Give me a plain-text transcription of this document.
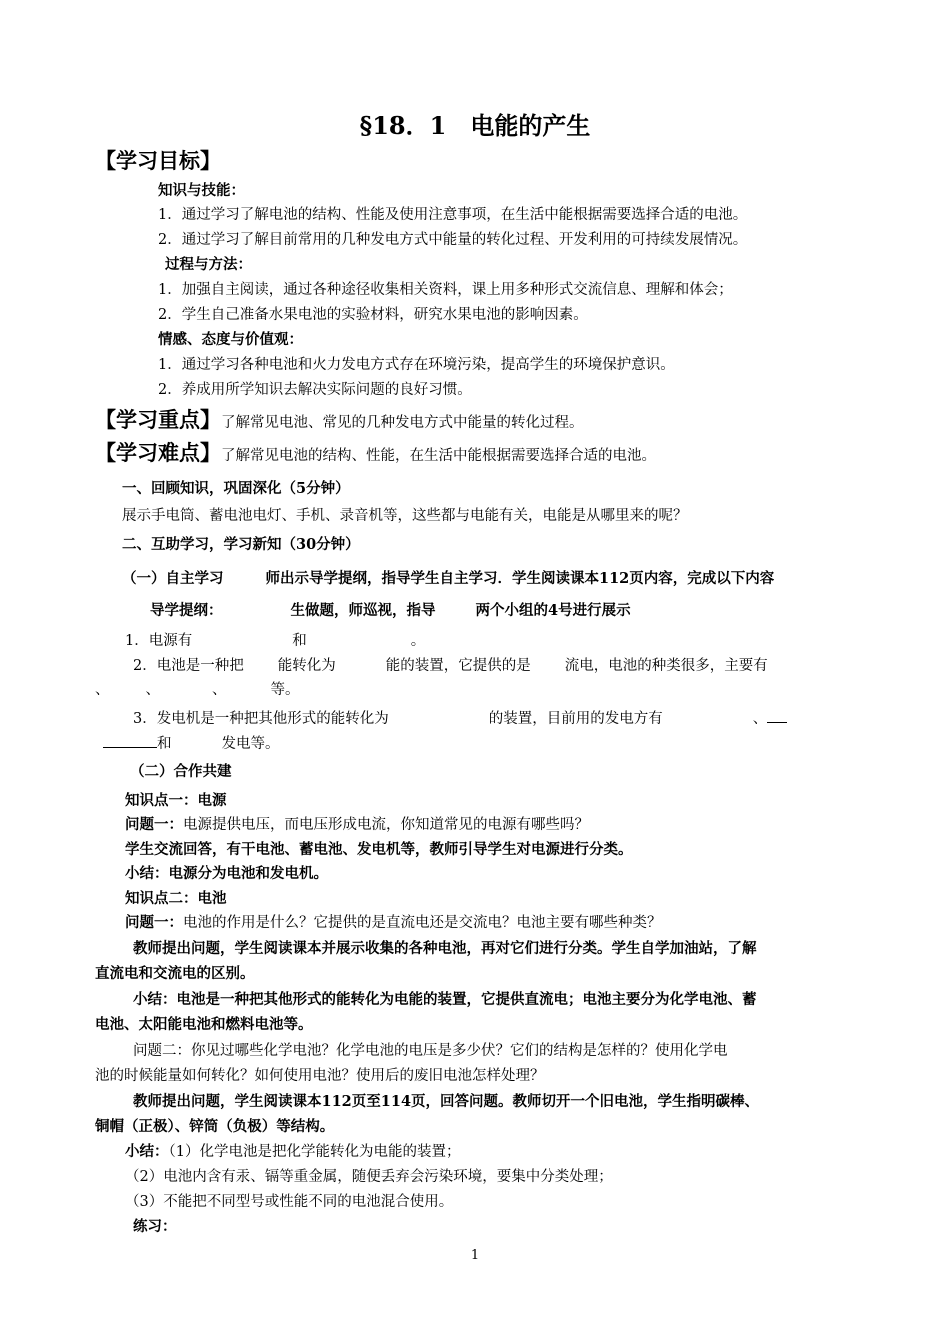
§18．1　电能的产生
【学习目标】
知识与技能：
1．通过学习了解电池的结构、性能及使用注意事项，在生活中能根据需要选择合适的电池。
2．通过学习了解目前常用的几种发电方式中能量的转化过程、开发利用的可持续发展情况。
过程与方法：
1．加强自主阅读，通过各种途径收集相关资料，课上用多种形式交流信息、理解和体会；
2．学生自己准备水果电池的实验材料，研究水果电池的影响因素。
情感、态度与价值观：
1．通过学习各种电池和火力发电方式存在环境污染，提高学生的环境保护意识。
2．养成用所学知识去解决实际问题的良好习惯。
【学习重点】了解常见电池、常见的几种发电方式中能量的转化过程。
【学习难点】了解常见电池的结构、性能，在生活中能根据需要选择合适的电池。
一、回顾知识，巩固深化（5分钟）
展示手电筒、蓄电池电灯、手机、录音机等，这些都与电能有关，电能是从哪里来的呢？
二、互助学习，学习新知（30分钟）
（一）自主学习	师出示导学提纲，指导学生自主学习．学生阅读课本112页内容，完成以下内容
导学提纲：	生做题，师巡视，指导	两个小组的4号进行展示
1．电源有	和	。
2．电池是一种把 能转化为	能的装置，它提供的是 流电，电池的种类很多，主要有
、 、	、	等。
3．发电机是一种把其他形式的能转化为	的装置，目前用的发电方有	、
和	发电等。
（二）合作共建
知识点一：电源
问题一：电源提供电压，而电压形成电流，你知道常见的电源有哪些吗？
学生交流回答，有干电池、蓄电池、发电机等，教师引导学生对电源进行分类。
小结：电源分为电池和发电机。
知识点二：电池
问题一：电池的作用是什么？它提供的是直流电还是交流电？电池主要有哪些种类？
教师提出问题，学生阅读课本并展示收集的各种电池，再对它们进行分类。学生自学加油站，了解
直流电和交流电的区别。
小结：电池是一种把其他形式的能转化为电能的装置，它提供直流电；电池主要分为化学电池、蓄
电池、太阳能电池和燃料电池等。
问题二：你见过哪些化学电池？化学电池的电压是多少伏？它们的结构是怎样的？使用化学电
池的时候能量如何转化？如何使用电池？使用后的废旧电池怎样处理？
教师提出问题，学生阅读课本112页至114页，回答问题。教师切开一个旧电池，学生指明碳棒、
铜帽（正极）、锌筒（负极）等结构。
小结：（1）化学电池是把化学能转化为电能的装置；
（2）电池内含有汞、镉等重金属，随便丢弃会污染环境，要集中分类处理；
（3）不能把不同型号或性能不同的电池混合使用。
练习：
1
